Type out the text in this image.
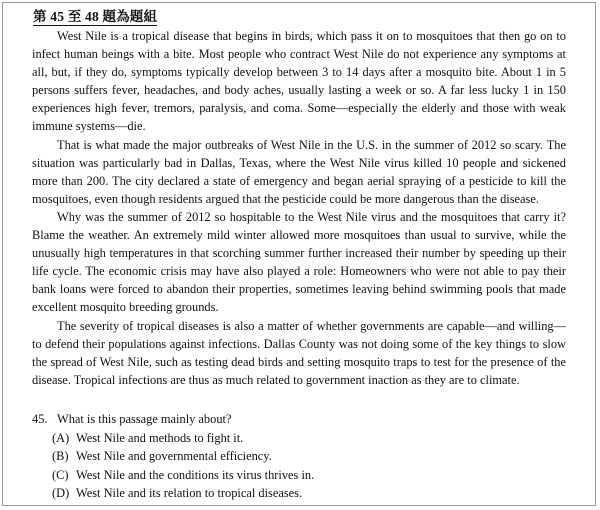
第 45 至 48 題為題組

West Nile is a tropical disease that begins in birds, which pass it on to mosquitoes that then go on to infect human beings with a bite. Most people who contract West Nile do not experience any symptoms at all, but, if they do, symptoms typically develop between 3 to 14 days after a mosquito bite. About 1 in 5 persons suffers fever, headaches, and body aches, usually lasting a week or so. A far less lucky 1 in 150 experiences high fever, tremors, paralysis, and coma. Some—especially the elderly and those with weak immune systems—die.

That is what made the major outbreaks of West Nile in the U.S. in the summer of 2012 so scary. The situation was particularly bad in Dallas, Texas, where the West Nile virus killed 10 people and sickened more than 200. The city declared a state of emergency and began aerial spraying of a pesticide to kill the mosquitoes, even though residents argued that the pesticide could be more dangerous than the disease.

Why was the summer of 2012 so hospitable to the West Nile virus and the mosquitoes that carry it? Blame the weather. An extremely mild winter allowed more mosquitoes than usual to survive, while the unusually high temperatures in that scorching summer further increased their number by speeding up their life cycle. The economic crisis may have also played a role: Homeowners who were not able to pay their bank loans were forced to abandon their properties, sometimes leaving behind swimming pools that made excellent mosquito breeding grounds.

The severity of tropical diseases is also a matter of whether governments are capable—and willing—to defend their populations against infections. Dallas County was not doing some of the key things to slow the spread of West Nile, such as testing dead birds and setting mosquito traps to test for the presence of the disease. Tropical infections are thus as much related to government inaction as they are to climate.

45. What is this passage mainly about?

(A) West Nile and methods to fight it.
(B) West Nile and governmental efficiency.
(C) West Nile and the conditions its virus thrives in.
(D) West Nile and its relation to tropical diseases.
